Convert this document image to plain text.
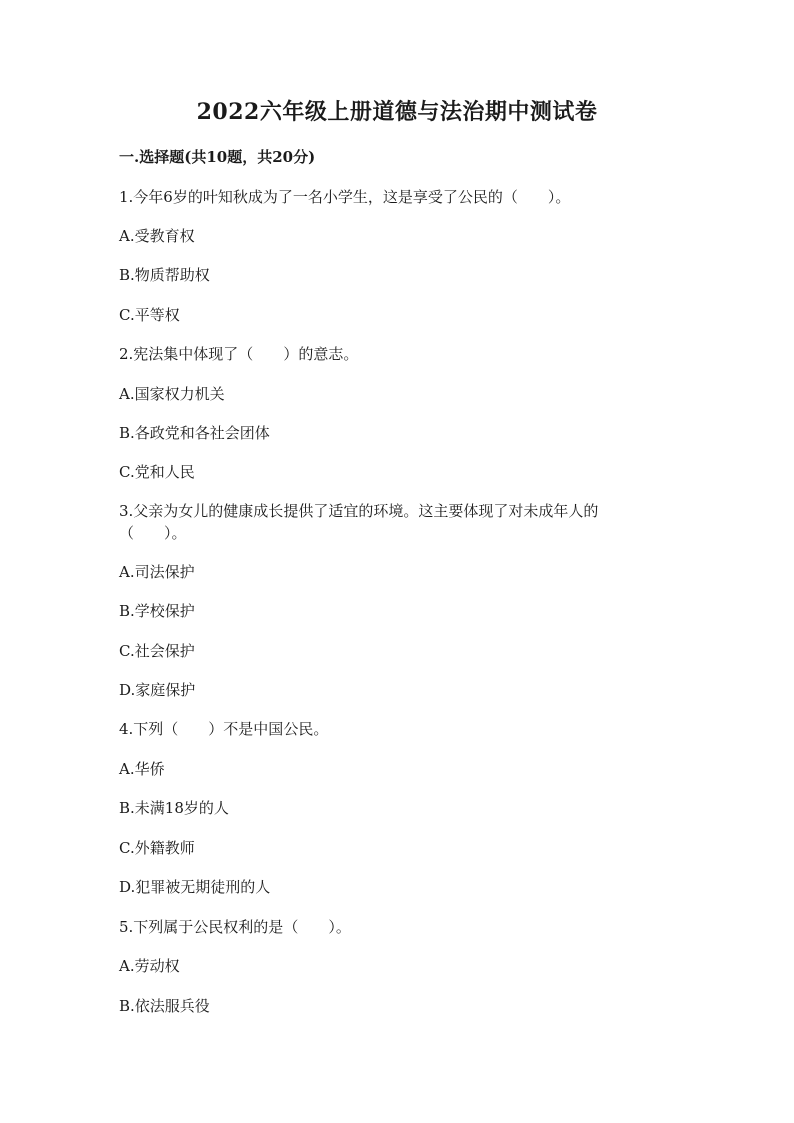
2022六年级上册道德与法治期中测试卷
一.选择题(共10题，共20分)
1.今年6岁的叶知秋成为了一名小学生，这是享受了公民的（　　）。
A.受教育权
B.物质帮助权
C.平等权
2.宪法集中体现了（　　）的意志。
A.国家权力机关
B.各政党和各社会团体
C.党和人民
3.父亲为女儿的健康成长提供了适宜的环境。这主要体现了对未成年人的（　　）。
A.司法保护
B.学校保护
C.社会保护
D.家庭保护
4.下列（　　）不是中国公民。
A.华侨
B.未满18岁的人
C.外籍教师
D.犯罪被无期徒刑的人
5.下列属于公民权利的是（　　）。
A.劳动权
B.依法服兵役
